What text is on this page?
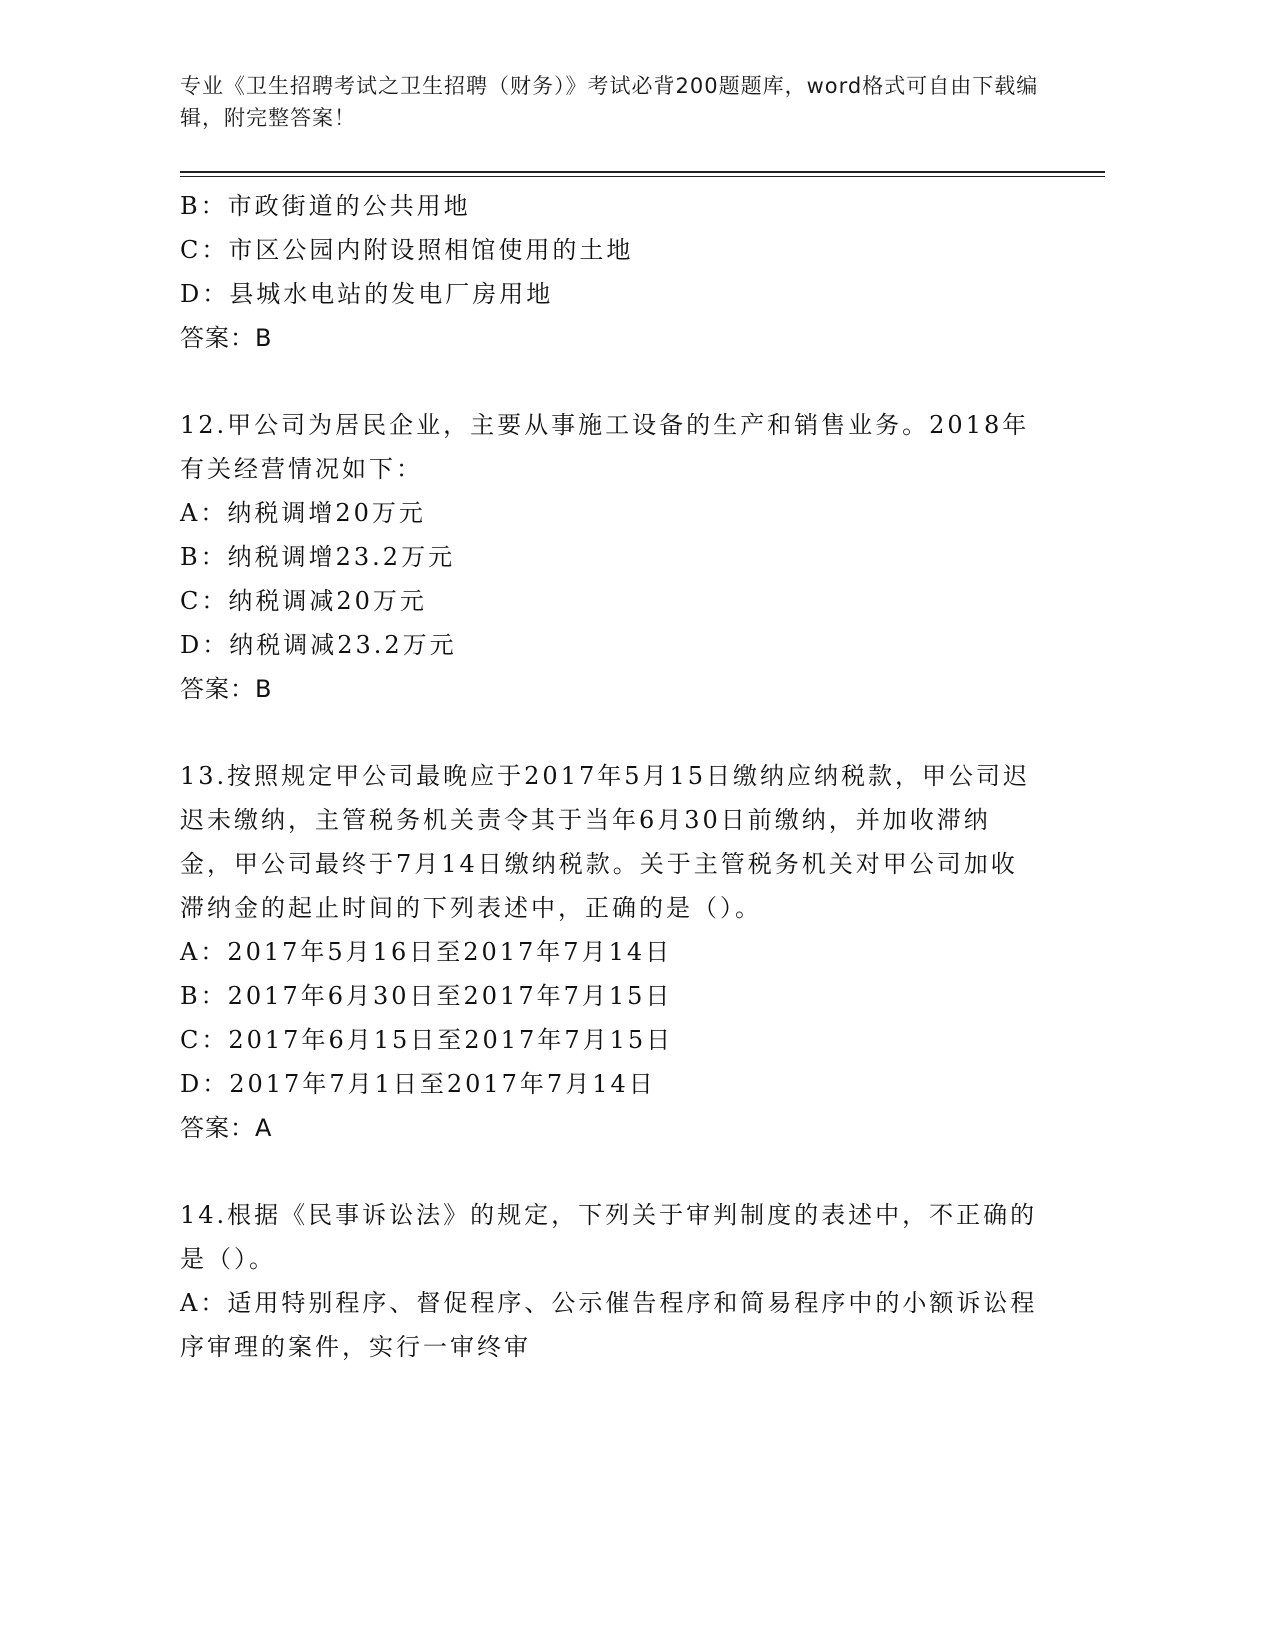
专业《卫生招聘考试之卫生招聘（财务）》考试必背200题题库，word格式可自由下载编辑，附完整答案！
B：市政街道的公共用地
C：市区公园内附设照相馆使用的土地
D：县城水电站的发电厂房用地
答案：B
12.甲公司为居民企业，主要从事施工设备的生产和销售业务。2018年有关经营情况如下：
A：纳税调增20万元
B：纳税调增23.2万元
C：纳税调减20万元
D：纳税调减23.2万元
答案：B
13.按照规定甲公司最晚应于2017年5月15日缴纳应纳税款，甲公司迟迟未缴纳，主管税务机关责令其于当年6月30日前缴纳，并加收滞纳金，甲公司最终于7月14日缴纳税款。关于主管税务机关对甲公司加收滞纳金的起止时间的下列表述中，正确的是（）。
A：2017年5月16日至2017年7月14日
B：2017年6月30日至2017年7月15日
C：2017年6月15日至2017年7月15日
D：2017年7月1日至2017年7月14日
答案：A
14.根据《民事诉讼法》的规定，下列关于审判制度的表述中，不正确的是（）。
A：适用特别程序、督促程序、公示催告程序和简易程序中的小额诉讼程序审理的案件，实行一审终审
